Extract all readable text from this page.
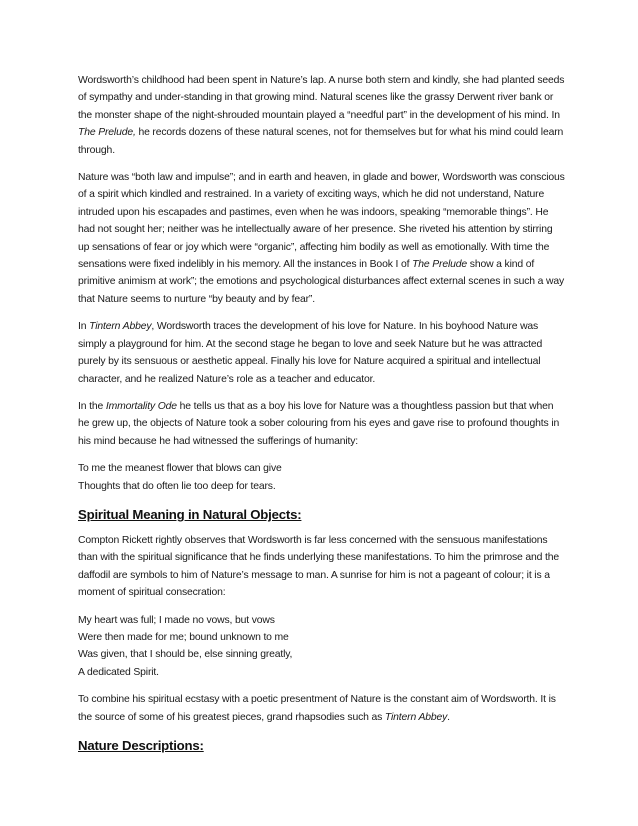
Wordsworth’s childhood had been spent in Nature’s lap. A nurse both stern and kindly, she had planted seeds of sympathy and under-standing in that growing mind. Natural scenes like the grassy Derwent river bank or the monster shape of the night-shrouded mountain played a “needful part” in the development of his mind. In The Prelude, he records dozens of these natural scenes, not for themselves but for what his mind could learn through.

Nature was “both law and impulse”; and in earth and heaven, in glade and bower, Wordsworth was conscious of a spirit which kindled and restrained. In a variety of exciting ways, which he did not understand, Nature intruded upon his escapades and pastimes, even when he was indoors, speaking “memorable things”. He had not sought her; neither was he intellectually aware of her presence. She riveted his attention by stirring up sensations of fear or joy which were “organic”, affecting him bodily as well as emotionally. With time the sensations were fixed indelibly in his memory. All the instances in Book I of The Prelude show a kind of primitive animism at work”; the emotions and psychological disturbances affect external scenes in such a way that Nature seems to nurture “by beauty and by fear”.

In Tintern Abbey, Wordsworth traces the development of his love for Nature. In his boyhood Nature was simply a playground for him. At the second stage he began to love and seek Nature but he was attracted purely by its sensuous or aesthetic appeal. Finally his love for Nature acquired a spiritual and intellectual character, and he realized Nature’s role as a teacher and educator.

In the Immortality Ode he tells us that as a boy his love for Nature was a thoughtless passion but that when he grew up, the objects of Nature took a sober colouring from his eyes and gave rise to profound thoughts in his mind because he had witnessed the sufferings of humanity:

To me the meanest flower that blows can give
Thoughts that do often lie too deep for tears.
Spiritual Meaning in Natural Objects:

Compton Rickett rightly observes that Wordsworth is far less concerned with the sensuous manifestations than with the spiritual significance that he finds underlying these manifestations. To him the primrose and the daffodil are symbols to him of Nature’s message to man. A sunrise for him is not a pageant of colour; it is a moment of spiritual consecration:

My heart was full; I made no vows, but vows
Were then made for me; bound unknown to me
Was given, that I should be, else sinning greatly,
A dedicated Spirit.

To combine his spiritual ecstasy with a poetic presentment of Nature is the constant aim of Wordsworth. It is the source of some of his greatest pieces, grand rhapsodies such as Tintern Abbey.

Nature Descriptions:
